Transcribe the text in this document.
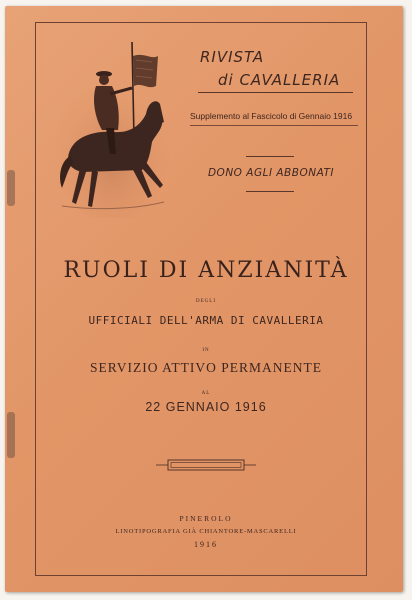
RIVISTA
di CAVALLERIA
Supplemento al Fascicolo di Gennaio 1916
DONO AGLI ABBONATI
RUOLI DI ANZIANITÀ
DEGLI
UFFICIALI DELL'ARMA DI CAVALLERIA
IN
SERVIZIO ATTIVO PERMANENTE
AL
22 GENNAIO 1916
PINEROLO
LINOTIPOGRAFIA GIÀ CHIANTORE-MASCARELLI
1916
